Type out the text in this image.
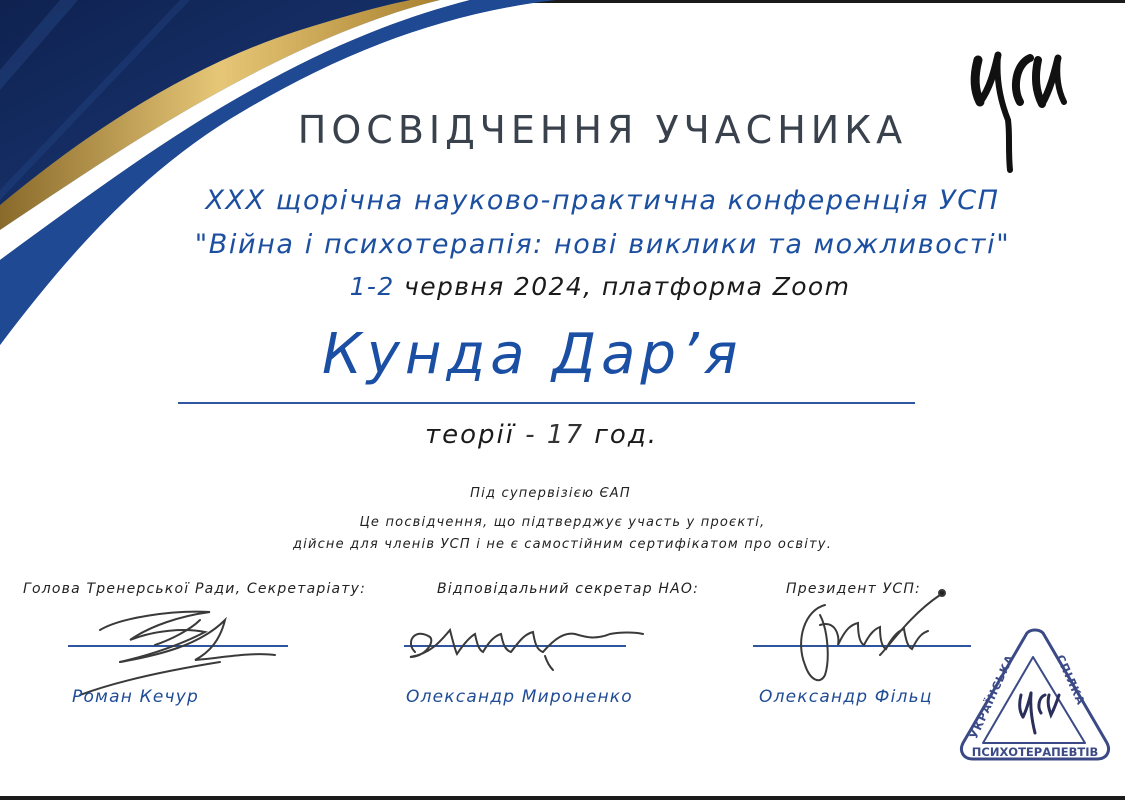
ПОСВІДЧЕННЯ УЧАСНИКА
XXX щорічна науково-практична конференція УСП
"Війна і психотерапія: нові виклики та можливості"
1-2 червня 2024, платформа Zoom
Кунда Дар’я
теорії - 17 год.
Під супервізією ЄАП
Це посвідчення, що підтверджує участь у проєкті,
дійсне для членів УСП і не є самостійним сертифікатом про освіту.
Голова Тренерської Ради, Секретаріату:
Роман Кечур
Відповідальний секретар НАО:
Олександр Мироненко
Президент УСП:
Олександр Фільц
УКРАЇНСЬКА	СПІЛКА
ПСИХОТЕРАПЕВТІВ
